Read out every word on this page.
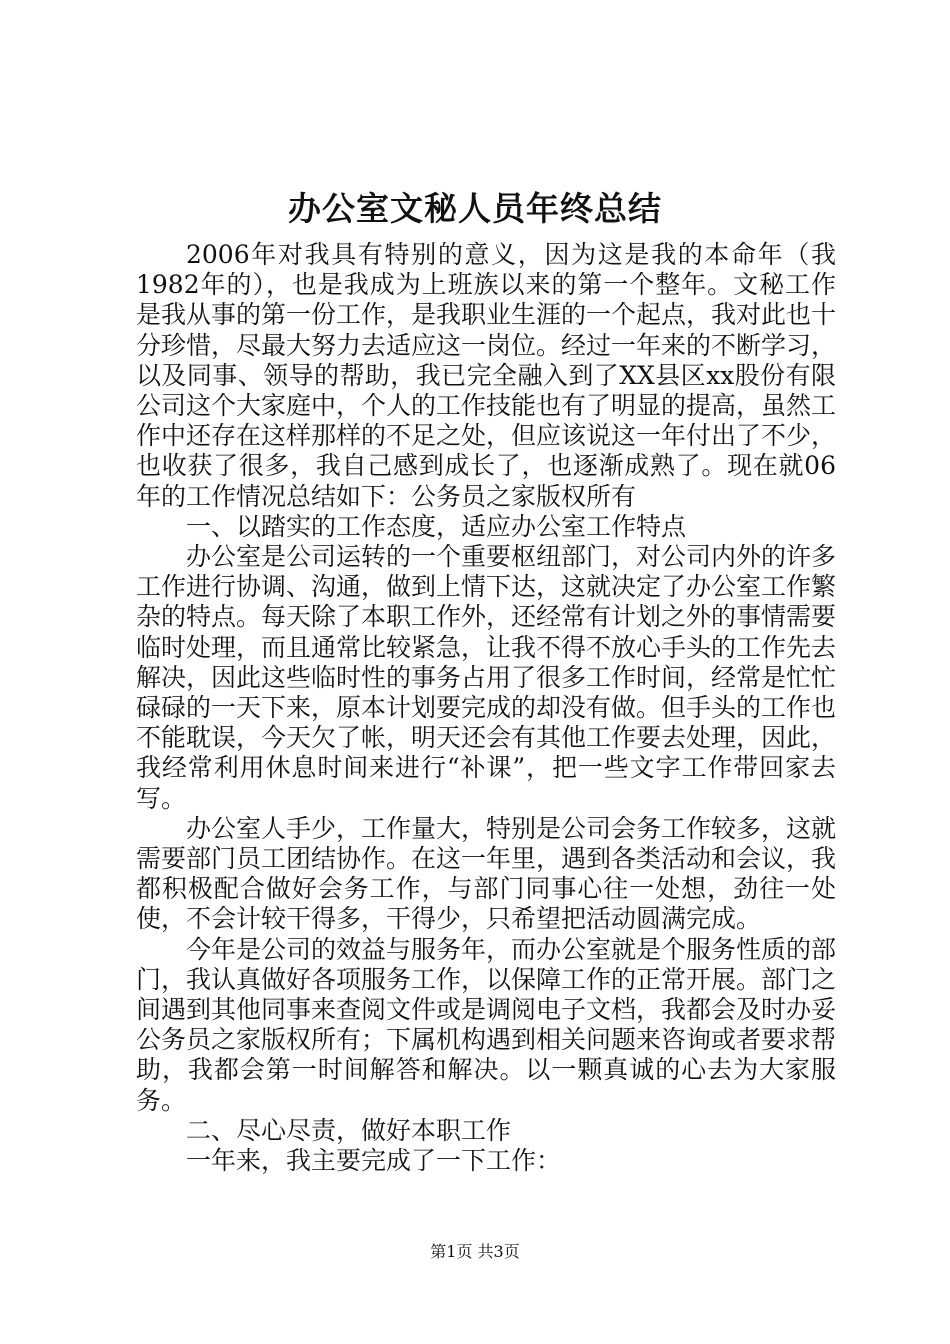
办公室文秘人员年终总结

2006年对我具有特别的意义，因为这是我的本命年（我1982年的），也是我成为上班族以来的第一个整年。文秘工作是我从事的第一份工作，是我职业生涯的一个起点，我对此也十分珍惜，尽最大努力去适应这一岗位。经过一年来的不断学习，以及同事、领导的帮助，我已完全融入到了XX县区xx股份有限公司这个大家庭中，个人的工作技能也有了明显的提高，虽然工作中还存在这样那样的不足之处，但应该说这一年付出了不少，也收获了很多，我自己感到成长了，也逐渐成熟了。现在就06年的工作情况总结如下：公务员之家版权所有

一、以踏实的工作态度，适应办公室工作特点

办公室是公司运转的一个重要枢纽部门，对公司内外的许多工作进行协调、沟通，做到上情下达，这就决定了办公室工作繁杂的特点。每天除了本职工作外，还经常有计划之外的事情需要临时处理，而且通常比较紧急，让我不得不放心手头的工作先去解决，因此这些临时性的事务占用了很多工作时间，经常是忙忙碌碌的一天下来，原本计划要完成的却没有做。但手头的工作也不能耽误，今天欠了帐，明天还会有其他工作要去处理，因此，我经常利用休息时间来进行“补课”，把一些文字工作带回家去写。

办公室人手少，工作量大，特别是公司会务工作较多，这就需要部门员工团结协作。在这一年里，遇到各类活动和会议，我都积极配合做好会务工作，与部门同事心往一处想，劲往一处使，不会计较干得多，干得少，只希望把活动圆满完成。

今年是公司的效益与服务年，而办公室就是个服务性质的部门，我认真做好各项服务工作，以保障工作的正常开展。部门之间遇到其他同事来查阅文件或是调阅电子文档，我都会及时办妥公务员之家版权所有；下属机构遇到相关问题来咨询或者要求帮助，我都会第一时间解答和解决。以一颗真诚的心去为大家服务。

二、尽心尽责，做好本职工作

一年来，我主要完成了一下工作：

第1页 共3页
